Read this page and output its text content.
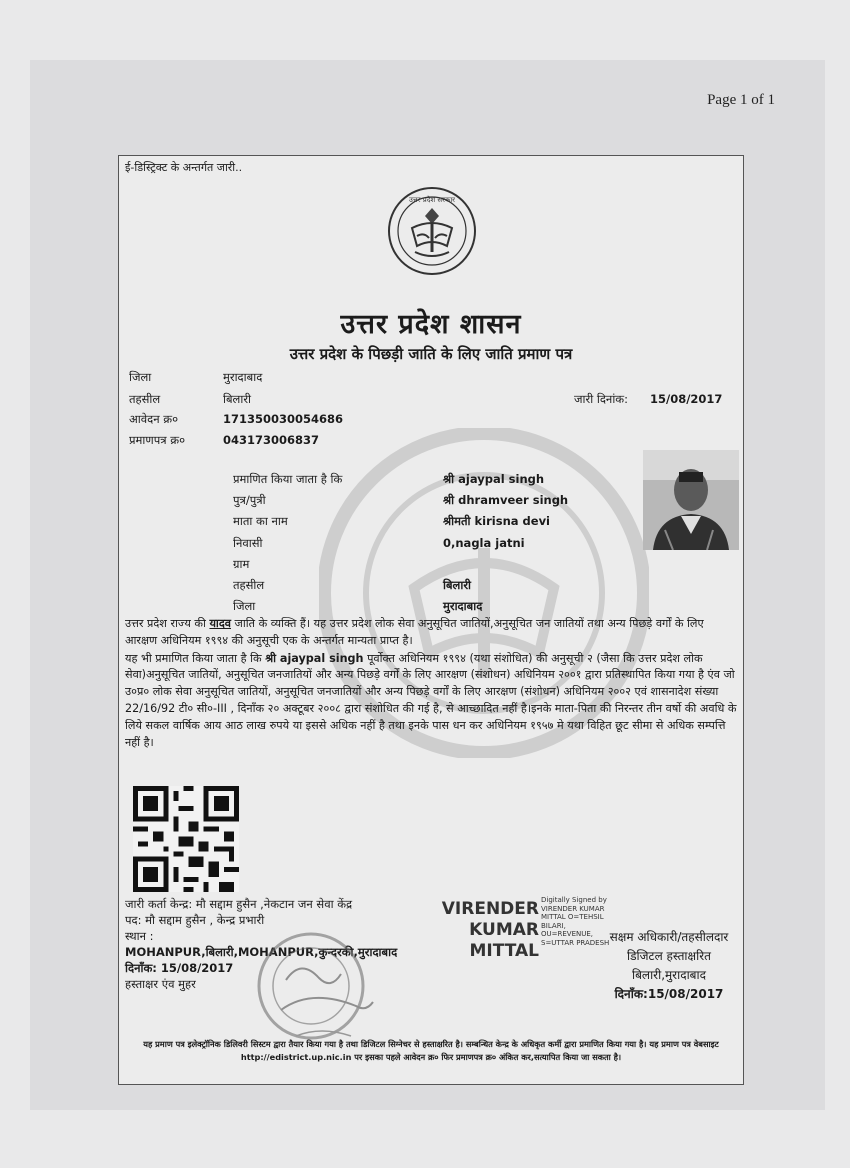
Page 1 of 1
ई-डिस्ट्रिक्ट के अन्तर्गत जारी..
उत्तर प्रदेश सरकार
उत्तर प्रदेश शासन
उत्तर प्रदेश के पिछड़ी जाति के लिए जाति प्रमाण पत्र
जिला	मुरादाबाद
तहसील	बिलारी
आवेदन क्र०	171350030054686
प्रमाणपत्र क्र०	043173006837
जारी दिनांक: 15/08/2017
प्रमाणित किया जाता है कि	श्री ajaypal singh
पुत्र/पुत्री	श्री dhramveer singh
माता का नाम	श्रीमती kirisna devi
निवासी	0,nagla jatni
ग्राम
तहसील	बिलारी
जिला	मुरादाबाद

उत्तर प्रदेश राज्य की यादव जाति के व्यक्ति हैं। यह उत्तर प्रदेश लोक सेवा अनुसूचित जातियों,अनुसूचित जन जातियों तथा अन्य पिछड़े वर्गों के लिए आरक्षण अधिनियम १९९४ की अनुसूची एक के अन्तर्गत मान्यता प्राप्त है।

यह भी प्रमाणित किया जाता है कि श्री ajaypal singh पूर्वोक्त अधिनियम १९९४ (यथा संशोधित) की अनुसूची २ (जैसा कि उत्तर प्रदेश लोक सेवा)अनुसूचित जातियों, अनुसूचित जनजातियों और अन्य पिछड़े वर्गों के लिए आरक्षण (संशोधन) अधिनियम २००१ द्वारा प्रतिस्थापित किया गया है एंव जो उ०प्र० लोक सेवा अनुसूचित जातियों, अनुसूचित जनजातियों और अन्य पिछड़े वर्गों के लिए आरक्षण (संशोधन) अधिनियम २००२ एवं शासनादेश संख्या 22/16/92 टी० सी०-III , दिनाँक २० अक्टूबर २००८ द्वारा संशोधित की गई है, से आच्छादित नहीं है।इनके माता-पिता की निरन्तर तीन वर्षो की अवधि के लिये सकल वार्षिक आय आठ लाख रुपये या इससे अधिक नहीं है तथा इनके पास धन कर अधिनियम १९५७ मे यथा विहित छूट सीमा से अधिक सम्पत्ति नहीं है।

जारी कर्ता केन्द्र: मौ सद्दाम हुसैन ,नेकटान जन सेवा केंद्र
पद: मौ सद्दाम हुसैन , केन्द्र प्रभारी
स्थान :
MOHANPUR,बिलारी,MOHANPUR,कुन्दरकी,मुरादाबाद
दिनाँक: 15/08/2017
हस्ताक्षर एंव मुहर
VIRENDER
KUMAR
MITTAL
Digitally Signed by VIRENDER KUMAR MITTAL O=TEHSIL BILARI, OU=REVENUE, S=UTTAR PRADESH सक्षम अधिकारी/तहसीलदार
डिजिटल हस्ताक्षरित
बिलारी,मुरादाबाद
दिनाँक:15/08/2017
यह प्रमाण पत्र इलेक्ट्रॉनिक डिलिवरी सिस्टम द्वारा तैयार किया गया है तथा डिजिटल सिग्नेचर से हस्ताक्षरित है। सम्बन्धित केन्द्र के अधिकृत कर्मी द्वारा प्रमाणित किया गया है। यह प्रमाण पत्र वेबसाइट http://edistrict.up.nic.in पर इसका पहले आवेदन क्र० फिर प्रमाणपत्र क्र० अंकित कर,सत्यापित किया जा सकता है।
